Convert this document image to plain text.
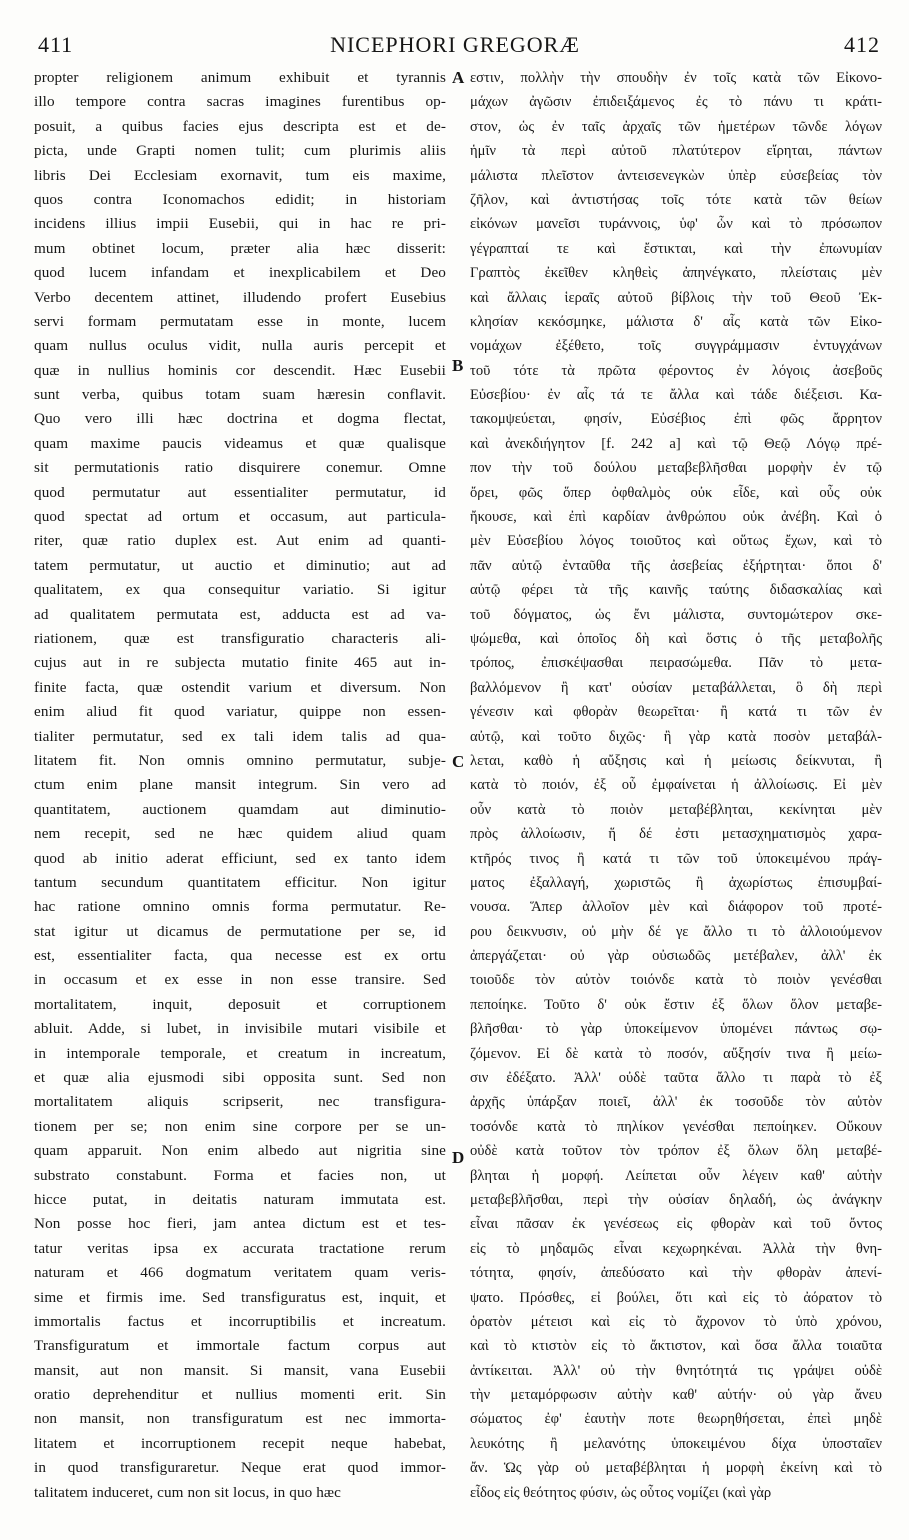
411	NICEPHORI GREGORÆ	412
propter religionem animum exhibuit et tyrannis
illo tempore contra sacras imagines furentibus op-
posuit, a quibus facies ejus descripta est et de-
picta, unde Grapti nomen tulit; cum plurimis aliis
libris Dei Ecclesiam exornavit, tum eis maxime,
quos contra Iconomachos edidit; in historiam
incidens illius impii Eusebii, qui in hac re pri-
mum obtinet locum, præter alia hæc disserit:
quod lucem infandam et inexplicabilem et Deo
Verbo decentem attinet, illudendo profert Eusebius
servi formam permutatam esse in monte, lucem
quam nullus oculus vidit, nulla auris percepit et
quæ in nullius hominis cor descendit. Hæc Eusebii
sunt verba, quibus totam suam hæresin conflavit.
Quo vero illi hæc doctrina et dogma flectat,
quam maxime paucis videamus et quæ qualisque
sit permutationis ratio disquirere conemur. Omne
quod permutatur aut essentialiter permutatur, id
quod spectat ad ortum et occasum, aut particula-
riter, quæ ratio duplex est. Aut enim ad quanti-
tatem permutatur, ut auctio et diminutio; aut ad
qualitatem, ex qua consequitur variatio. Si igitur
ad qualitatem permutata est, adducta est ad va-
riationem, quæ est transfiguratio characteris ali-
cujus aut in re subjecta mutatio finite 465 aut in-
finite facta, quæ ostendit varium et diversum. Non
enim aliud fit quod variatur, quippe non essen-
tialiter permutatur, sed ex tali idem talis ad qua-
litatem fit. Non omnis omnino permutatur, subje-
ctum enim plane mansit integrum. Sin vero ad
quantitatem, auctionem quamdam aut diminutio-
nem recepit, sed ne hæc quidem aliud quam
quod ab initio aderat efficiunt, sed ex tanto idem
tantum secundum quantitatem efficitur. Non igitur
hac ratione omnino omnis forma permutatur. Re-
stat igitur ut dicamus de permutatione per se, id
est, essentialiter facta, qua necesse est ex ortu
in occasum et ex esse in non esse transire. Sed
mortalitatem, inquit, deposuit et corruptionem
abluit. Adde, si lubet, in invisibile mutari visibile et
in intemporale temporale, et creatum in increatum,
et quæ alia ejusmodi sibi opposita sunt. Sed non
mortalitatem aliquis scripserit, nec transfigura-
tionem per se; non enim sine corpore per se un-
quam apparuit. Non enim albedo aut nigritia sine
substrato constabunt. Forma et facies non, ut
hicce putat, in deitatis naturam immutata est.
Non posse hoc fieri, jam antea dictum est et tes-
tatur veritas ipsa ex accurata tractatione rerum
naturam et 466 dogmatum veritatem quam veris-
sime et firmis ime. Sed transfiguratus est, inquit, et
immortalis factus et incorruptibilis et increatum.
Transfiguratum et immortale factum corpus aut
mansit, aut non mansit. Si mansit, vana Eusebii
oratio deprehenditur et nullius momenti erit. Sin
non mansit, non transfiguratum est nec immorta-
litatem et incorruptionem recepit neque habebat,
in quod transfiguraretur. Neque erat quod immor-
talitatem induceret, cum non sit locus, in quo hæc
εστιν, πολλὴν τὴν σπουδὴν ἐν τοῖς κατὰ τῶν Εἰκονο-
μάχων ἀγῶσιν ἐπιδειξάμενος ἐς τὸ πάνυ τι κράτι-
στον, ὡς ἐν ταῖς ἀρχαῖς τῶν ἡμετέρων τῶνδε λόγων
ἡμῖν τὰ περὶ αὐτοῦ πλατύτερον εἴρηται, πάντων
μάλιστα πλεῖστον ἀντεισενεγκὼν ὑπὲρ εὐσεβείας τὸν
ζῆλον, καὶ ἀντιστήσας τοῖς τότε κατὰ τῶν θείων
εἰκόνων μανεῖσι τυράννοις, ὑφ' ὧν καὶ τὸ πρόσωπον
γέγραπταί τε καὶ ἔστικται, καὶ τὴν ἐπωνυμίαν
Γραπτὸς ἐκεῖθεν κληθεὶς ἀπηνέγκατο, πλείσταις μὲν
καὶ ἄλλαις ἱεραῖς αὐτοῦ βίβλοις τὴν τοῦ Θεοῦ Ἐκ-
κλησίαν κεκόσμηκε, μάλιστα δ' αἷς κατὰ τῶν Εἰκο-
νομάχων ἐξέθετο, τοῖς συγγράμμασιν ἐντυγχάνων
τοῦ τότε τὰ πρῶτα φέροντος ἐν λόγοις ἀσεβοῦς
Εὐσεβίου· ἐν αἷς τά τε ἄλλα καὶ τάδε διέξεισι. Κα-
τακομψεύεται, φησίν, Εὐσέβιος ἐπὶ φῶς ἄρρητον
καὶ ἀνεκδιήγητον [f. 242 a] καὶ τῷ Θεῷ Λόγῳ πρέ-
πον τὴν τοῦ δούλου μεταβεβλῆσθαι μορφὴν ἐν τῷ
ὄρει, φῶς ὅπερ ὀφθαλμὸς οὐκ εἶδε, καὶ οὖς οὐκ
ἤκουσε, καὶ ἐπὶ καρδίαν ἀνθρώπου οὐκ ἀνέβη. Καὶ ὁ
μὲν Εὐσεβίου λόγος τοιοῦτος καὶ οὕτως ἔχων, καὶ τὸ
πᾶν αὐτῷ ἐνταῦθα τῆς ἀσεβείας ἐξήρτηται· ὅποι δ'
αὐτῷ φέρει τὰ τῆς καινῆς ταύτης διδασκαλίας καὶ
τοῦ δόγματος, ὡς ἔνι μάλιστα, συντομώτερον σκε-
ψώμεθα, καὶ ὁποῖος δὴ καὶ ὅστις ὁ τῆς μεταβολῆς
τρόπος, ἐπισκέψασθαι πειρασώμεθα. Πᾶν τὸ μετα-
βαλλόμενον ἢ κατ' οὐσίαν μεταβάλλεται, ὃ δὴ περὶ
γένεσιν καὶ φθορὰν θεωρεῖται· ἢ κατά τι τῶν ἐν
αὐτῷ, καὶ τοῦτο διχῶς· ἢ γὰρ κατὰ ποσὸν μεταβάλ-
λεται, καθὸ ἡ αὔξησις καὶ ἡ μείωσις δείκνυται, ἢ
κατὰ τὸ ποιόν, ἐξ οὗ ἐμφαίνεται ἡ ἀλλοίωσις. Εἰ μὲν
οὖν κατὰ τὸ ποιὸν μεταβέβληται, κεκίνηται μὲν
πρὸς ἀλλοίωσιν, ἥ δέ ἐστι μετασχηματισμὸς χαρα-
κτῆρός τινος ἢ κατά τι τῶν τοῦ ὑποκειμένου πράγ-
ματος ἐξαλλαγή, χωριστῶς ἢ ἀχωρίστως ἐπισυμβαί-
νουσα. Ἅπερ ἀλλοῖον μὲν καὶ διάφορον τοῦ προτέ-
ρου δεικνυσιν, οὐ μὴν δέ γε ἄλλο τι τὸ ἀλλοιούμενον
ἀπεργάζεται· οὐ γὰρ οὐσιωδῶς μετέβαλεν, ἀλλ' ἐκ
τοιοῦδε τὸν αὐτὸν τοιόνδε κατὰ τὸ ποιὸν γενέσθαι
πεποίηκε. Τοῦτο δ' οὐκ ἔστιν ἐξ ὅλων ὅλον μεταβε-
βλῆσθαι· τὸ γὰρ ὑποκείμενον ὑπομένει πάντως σῳ-
ζόμενον. Εἰ δὲ κατὰ τὸ ποσόν, αὔξησίν τινα ἢ μείω-
σιν ἐδέξατο. Ἀλλ' οὐδὲ ταῦτα ἄλλο τι παρὰ τὸ ἐξ
ἀρχῆς ὑπάρξαν ποιεῖ, ἀλλ' ἐκ τοσοῦδε τὸν αὐτὸν
τοσόνδε κατὰ τὸ πηλίκον γενέσθαι πεποίηκεν. Οὔκουν
οὐδὲ κατὰ τοῦτον τὸν τρόπον ἐξ ὅλων ὅλη μεταβέ-
βληται ἡ μορφή. Λείπεται οὖν λέγειν καθ' αὑτὴν
μεταβεβλῆσθαι, περὶ τὴν οὐσίαν δηλαδή, ὡς ἀνάγκην
εἶναι πᾶσαν ἐκ γενέσεως εἰς φθορὰν καὶ τοῦ ὄντος
εἰς τὸ μηδαμῶς εἶναι κεχωρηκέναι. Ἀλλὰ τὴν θνη-
τότητα, φησίν, ἀπεδύσατο καὶ τὴν φθορὰν ἀπενί-
ψατο. Πρόσθες, εἰ βούλει, ὅτι καὶ εἰς τὸ ἀόρατον τὸ
ὁρατὸν μέτεισι καὶ εἰς τὸ ἄχρονον τὸ ὑπὸ χρόνου,
καὶ τὸ κτιστὸν εἰς τὸ ἄκτιστον, καὶ ὅσα ἄλλα τοιαῦτα
ἀντίκειται. Ἀλλ' οὐ τὴν θνητότητά τις γράψει οὐδὲ
τὴν μεταμόρφωσιν αὐτὴν καθ' αὑτήν· οὐ γὰρ ἄνευ
σώματος ἐφ' ἑαυτὴν ποτε θεωρηθήσεται, ἐπεὶ μηδὲ
λευκότης ἢ μελανότης ὑποκειμένου δίχα ὑποσταῖεν
ἄν. Ὡς γὰρ οὐ μεταβέβληται ἡ μορφὴ ἐκείνη καὶ τὸ
εἶδος εἰς θεότητος φύσιν, ὡς οὗτος νομίζει (καὶ γὰρ
A
B
C
D
